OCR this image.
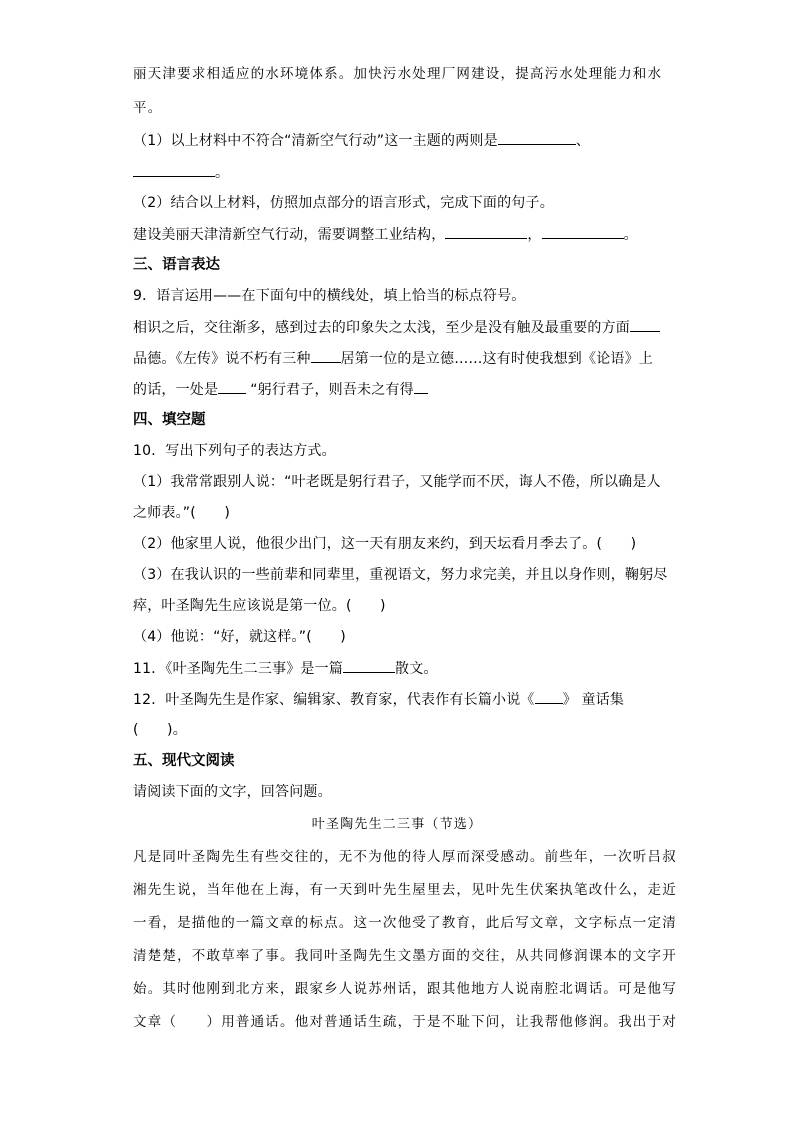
丽天津要求相适应的水环境体系。加快污水处理厂网建设，提高污水处理能力和水
平。
（1）以上材料中不符合“清新空气行动”这一主题的两则是	、
。
（2）结合以上材料，仿照加点部分的语言形式，完成下面的句子。
建设美丽天津清新空气行动，需要调整工业结构，	，	。
三、语言表达
9．语言运用——在下面句中的横线处，填上恰当的标点符号。
相识之后，交往渐多，感到过去的印象失之太浅，至少是没有触及最重要的方面
品德。《左传》说不朽有三种 居第一位的是立德……这有时使我想到《论语》上
的话，一处是 “躬行君子，则吾未之有得
四、填空题
10．写出下列句子的表达方式。
（1）我常常跟别人说：“叶老既是躬行君子，又能学而不厌，诲人不倦，所以确是人
之师表。”(　　)
（2）他家里人说，他很少出门，这一天有朋友来约，到天坛看月季去了。(　　)
（3）在我认识的一些前辈和同辈里，重视语文，努力求完美，并且以身作则，鞠躬尽
瘁，叶圣陶先生应该说是第一位。(　　)
（4）他说：“好，就这样。”(　　)
11．《叶圣陶先生二三事》是一篇	散文。
12．叶圣陶先生是作家、编辑家、教育家，代表作有长篇小说《 》 童话集
(　　)。
五、现代文阅读
请阅读下面的文字，回答问题。
叶圣陶先生二三事（节选）
凡是同叶圣陶先生有些交往的，无不为他的待人厚而深受感动。前些年，一次听吕叔
湘先生说，当年他在上海，有一天到叶先生屋里去，见叶先生伏案执笔改什么，走近
一看，是描他的一篇文章的标点。这一次他受了教育，此后写文章，文字标点一定清
清楚楚，不敢草率了事。我同叶圣陶先生文墨方面的交往，从共同修润课本的文字开
始。其时他刚到北方来，跟家乡人说苏州话，跟其他地方人说南腔北调话。可是他写
文章（　　）用普通话。他对普通话生疏，于是不耻下问，让我帮他修润。我出于对
